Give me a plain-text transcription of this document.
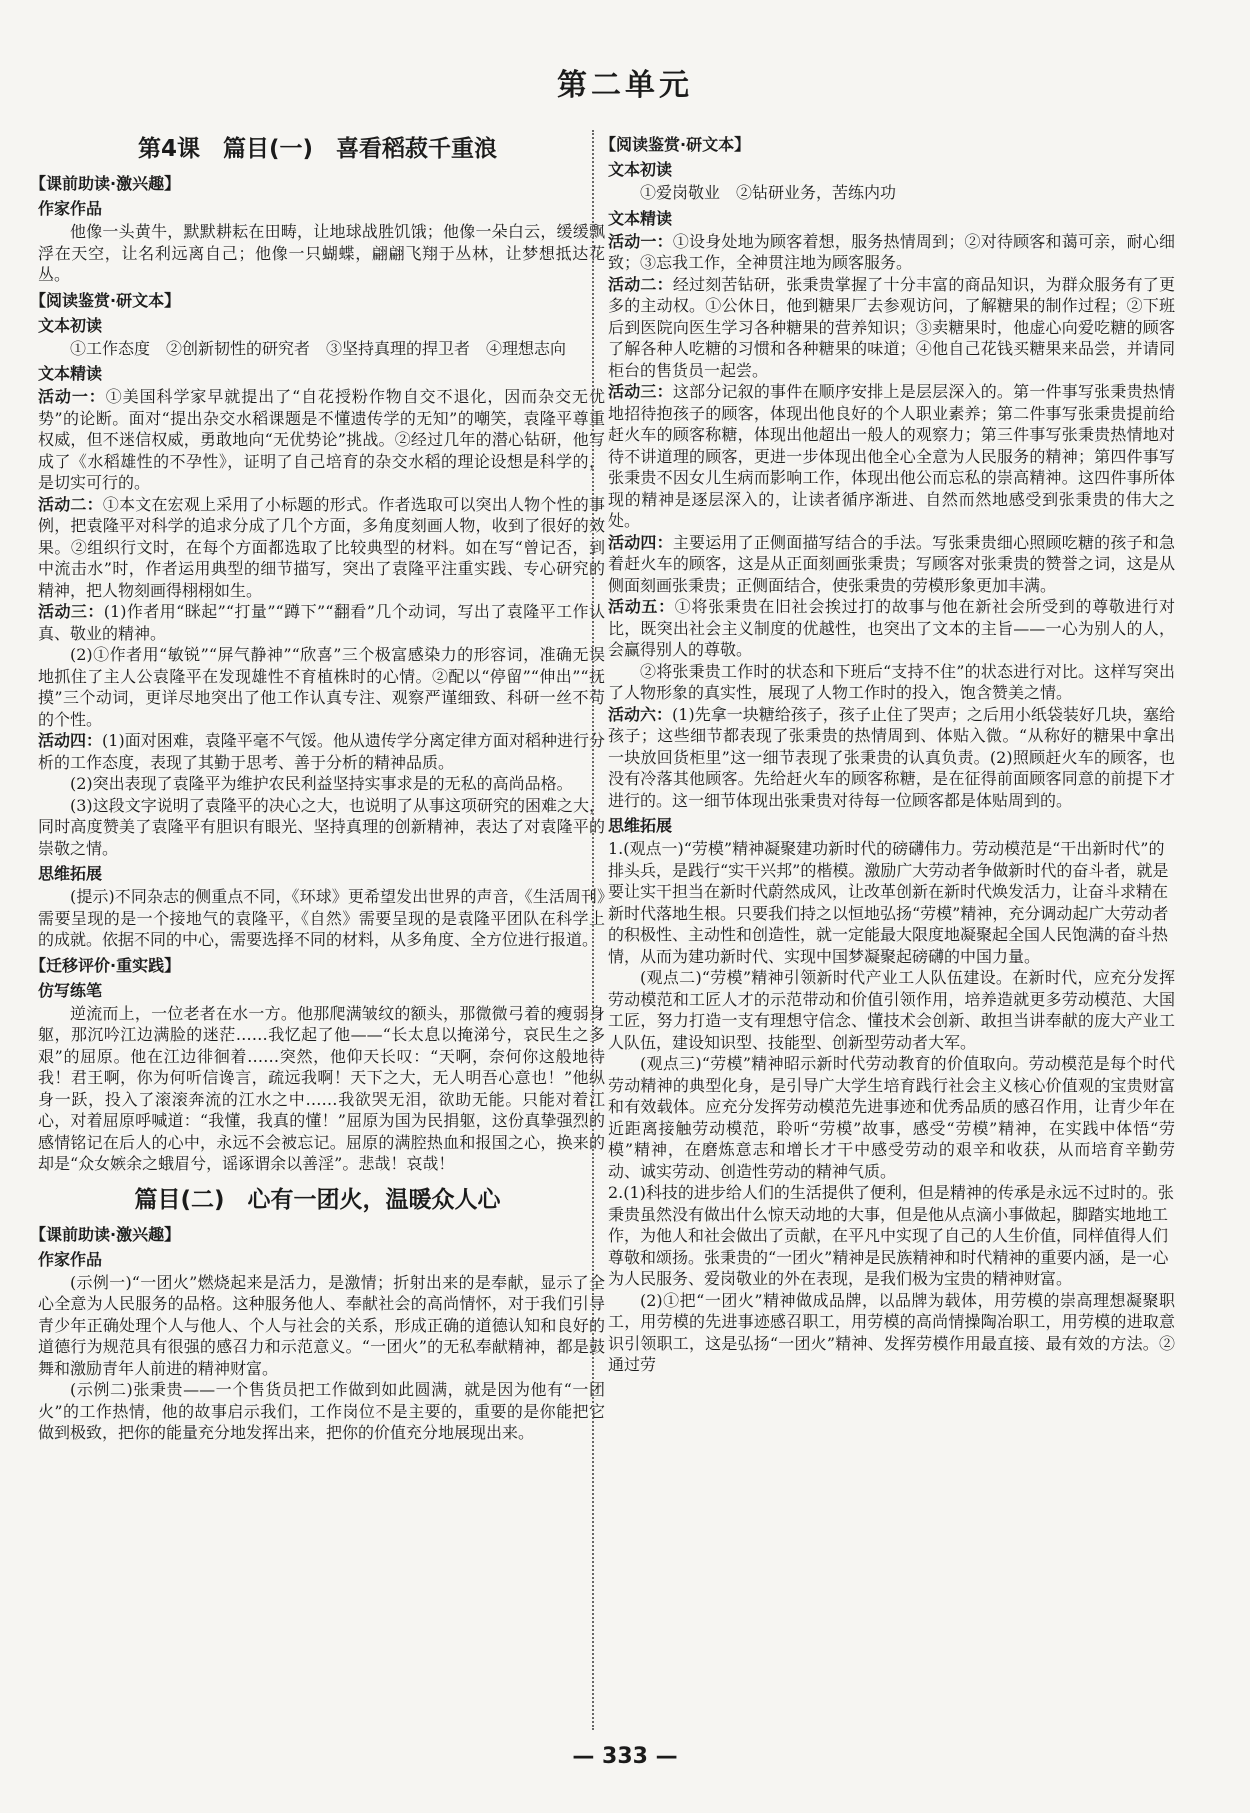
第二单元
第4课　篇目(一)　喜看稻菽千重浪
【课前助读·激兴趣】
作家作品

他像一头黄牛，默默耕耘在田畴，让地球战胜饥饿；他像一朵白云，缓缓飘浮在天空，让名利远离自己；他像一只蝴蝶，翩翩飞翔于丛林，让梦想抵达花丛。

【阅读鉴赏·研文本】
文本初读

①工作态度　②创新韧性的研究者　③坚持真理的捍卫者　④理想志向

文本精读

活动一：①美国科学家早就提出了“自花授粉作物自交不退化，因而杂交无优势”的论断。面对“提出杂交水稻课题是不懂遗传学的无知”的嘲笑，袁隆平尊重权威，但不迷信权威，勇敢地向“无优势论”挑战。②经过几年的潜心钻研，他写成了《水稻雄性的不孕性》，证明了自己培育的杂交水稻的理论设想是科学的，是切实可行的。

活动二：①本文在宏观上采用了小标题的形式。作者选取可以突出人物个性的事例，把袁隆平对科学的追求分成了几个方面，多角度刻画人物，收到了很好的效果。②组织行文时，在每个方面都选取了比较典型的材料。如在写“曾记否，到中流击水”时，作者运用典型的细节描写，突出了袁隆平注重实践、专心研究的精神，把人物刻画得栩栩如生。

活动三：(1)作者用“眯起”“打量”“蹲下”“翻看”几个动词，写出了袁隆平工作认真、敬业的精神。

(2)①作者用“敏锐”“屏气静神”“欣喜”三个极富感染力的形容词，准确无误地抓住了主人公袁隆平在发现雄性不育植株时的心情。②配以“停留”“伸出”“抚摸”三个动词，更详尽地突出了他工作认真专注、观察严谨细致、科研一丝不苟的个性。

活动四：(1)面对困难，袁隆平毫不气馁。他从遗传学分离定律方面对稻种进行分析的工作态度，表现了其勤于思考、善于分析的精神品质。

(2)突出表现了袁隆平为维护农民利益坚持实事求是的无私的高尚品格。

(3)这段文字说明了袁隆平的决心之大，也说明了从事这项研究的困难之大，同时高度赞美了袁隆平有胆识有眼光、坚持真理的创新精神，表达了对袁隆平的崇敬之情。

思维拓展

(提示)不同杂志的侧重点不同，《环球》更希望发出世界的声音，《生活周刊》需要呈现的是一个接地气的袁隆平，《自然》需要呈现的是袁隆平团队在科学上的成就。依据不同的中心，需要选择不同的材料，从多角度、全方位进行报道。

【迁移评价·重实践】
仿写练笔

逆流而上，一位老者在水一方。他那爬满皱纹的额头，那微微弓着的瘦弱身躯，那沉吟江边满脸的迷茫……我忆起了他——“长太息以掩涕兮，哀民生之多艰”的屈原。他在江边徘徊着……突然，他仰天长叹：“天啊，奈何你这般地待我！君王啊，你为何听信谗言，疏远我啊！天下之大，无人明吾心意也！”他纵身一跃，投入了滚滚奔流的江水之中……我欲哭无泪，欲助无能。只能对着江心，对着屈原呼喊道：“我懂，我真的懂！”屈原为国为民捐躯，这份真挚强烈的感情铭记在后人的心中，永远不会被忘记。屈原的满腔热血和报国之心，换来的却是“众女嫉余之蛾眉兮，谣诼谓余以善淫”。悲哉！哀哉！

篇目(二)　心有一团火，温暖众人心
【课前助读·激兴趣】
作家作品

(示例一)“一团火”燃烧起来是活力，是激情；折射出来的是奉献，显示了全心全意为人民服务的品格。这种服务他人、奉献社会的高尚情怀，对于我们引导青少年正确处理个人与他人、个人与社会的关系，形成正确的道德认知和良好的道德行为规范具有很强的感召力和示范意义。“一团火”的无私奉献精神，都是鼓舞和激励青年人前进的精神财富。

(示例二)张秉贵——一个售货员把工作做到如此圆满，就是因为他有“一团火”的工作热情，他的故事启示我们，工作岗位不是主要的，重要的是你能把它做到极致，把你的能量充分地发挥出来，把你的价值充分地展现出来。

【阅读鉴赏·研文本】
文本初读

①爱岗敬业　②钻研业务，苦练内功

文本精读

活动一：①设身处地为顾客着想，服务热情周到；②对待顾客和蔼可亲，耐心细致；③忘我工作，全神贯注地为顾客服务。

活动二：经过刻苦钻研，张秉贵掌握了十分丰富的商品知识，为群众服务有了更多的主动权。①公休日，他到糖果厂去参观访问，了解糖果的制作过程；②下班后到医院向医生学习各种糖果的营养知识；③卖糖果时，他虚心向爱吃糖的顾客了解各种人吃糖的习惯和各种糖果的味道；④他自己花钱买糖果来品尝，并请同柜台的售货员一起尝。

活动三：这部分记叙的事件在顺序安排上是层层深入的。第一件事写张秉贵热情地招待抱孩子的顾客，体现出他良好的个人职业素养；第二件事写张秉贵提前给赶火车的顾客称糖，体现出他超出一般人的观察力；第三件事写张秉贵热情地对待不讲道理的顾客，更进一步体现出他全心全意为人民服务的精神；第四件事写张秉贵不因女儿生病而影响工作，体现出他公而忘私的崇高精神。这四件事所体现的精神是逐层深入的，让读者循序渐进、自然而然地感受到张秉贵的伟大之处。

活动四：主要运用了正侧面描写结合的手法。写张秉贵细心照顾吃糖的孩子和急着赶火车的顾客，这是从正面刻画张秉贵；写顾客对张秉贵的赞誉之词，这是从侧面刻画张秉贵；正侧面结合，使张秉贵的劳模形象更加丰满。

活动五：①将张秉贵在旧社会挨过打的故事与他在新社会所受到的尊敬进行对比，既突出社会主义制度的优越性，也突出了文本的主旨——一心为别人的人，会赢得别人的尊敬。

②将张秉贵工作时的状态和下班后“支持不住”的状态进行对比。这样写突出了人物形象的真实性，展现了人物工作时的投入，饱含赞美之情。

活动六：(1)先拿一块糖给孩子，孩子止住了哭声；之后用小纸袋装好几块，塞给孩子；这些细节都表现了张秉贵的热情周到、体贴入微。“从称好的糖果中拿出一块放回货柜里”这一细节表现了张秉贵的认真负责。(2)照顾赶火车的顾客，也没有冷落其他顾客。先给赶火车的顾客称糖，是在征得前面顾客同意的前提下才进行的。这一细节体现出张秉贵对待每一位顾客都是体贴周到的。

思维拓展

1.(观点一)“劳模”精神凝聚建功新时代的磅礴伟力。劳动模范是“干出新时代”的排头兵，是践行“实干兴邦”的楷模。激励广大劳动者争做新时代的奋斗者，就是要让实干担当在新时代蔚然成风，让改革创新在新时代焕发活力，让奋斗求精在新时代落地生根。只要我们持之以恒地弘扬“劳模”精神，充分调动起广大劳动者的积极性、主动性和创造性，就一定能最大限度地凝聚起全国人民饱满的奋斗热情，从而为建功新时代、实现中国梦凝聚起磅礴的中国力量。

(观点二)“劳模”精神引领新时代产业工人队伍建设。在新时代，应充分发挥劳动模范和工匠人才的示范带动和价值引领作用，培养造就更多劳动模范、大国工匠，努力打造一支有理想守信念、懂技术会创新、敢担当讲奉献的庞大产业工人队伍，建设知识型、技能型、创新型劳动者大军。

(观点三)“劳模”精神昭示新时代劳动教育的价值取向。劳动模范是每个时代劳动精神的典型化身，是引导广大学生培育践行社会主义核心价值观的宝贵财富和有效载体。应充分发挥劳动模范先进事迹和优秀品质的感召作用，让青少年在近距离接触劳动模范，聆听“劳模”故事，感受“劳模”精神，在实践中体悟“劳模”精神，在磨炼意志和增长才干中感受劳动的艰辛和收获，从而培育辛勤劳动、诚实劳动、创造性劳动的精神气质。

2.(1)科技的进步给人们的生活提供了便利，但是精神的传承是永远不过时的。张秉贵虽然没有做出什么惊天动地的大事，但是他从点滴小事做起，脚踏实地地工作，为他人和社会做出了贡献，在平凡中实现了自己的人生价值，同样值得人们尊敬和颂扬。张秉贵的“一团火”精神是民族精神和时代精神的重要内涵，是一心为人民服务、爱岗敬业的外在表现，是我们极为宝贵的精神财富。

(2)①把“一团火”精神做成品牌，以品牌为载体，用劳模的崇高理想凝聚职工，用劳模的先进事迹感召职工，用劳模的高尚情操陶冶职工，用劳模的进取意识引领职工，这是弘扬“一团火”精神、发挥劳模作用最直接、最有效的方法。②通过劳

— 333 —
